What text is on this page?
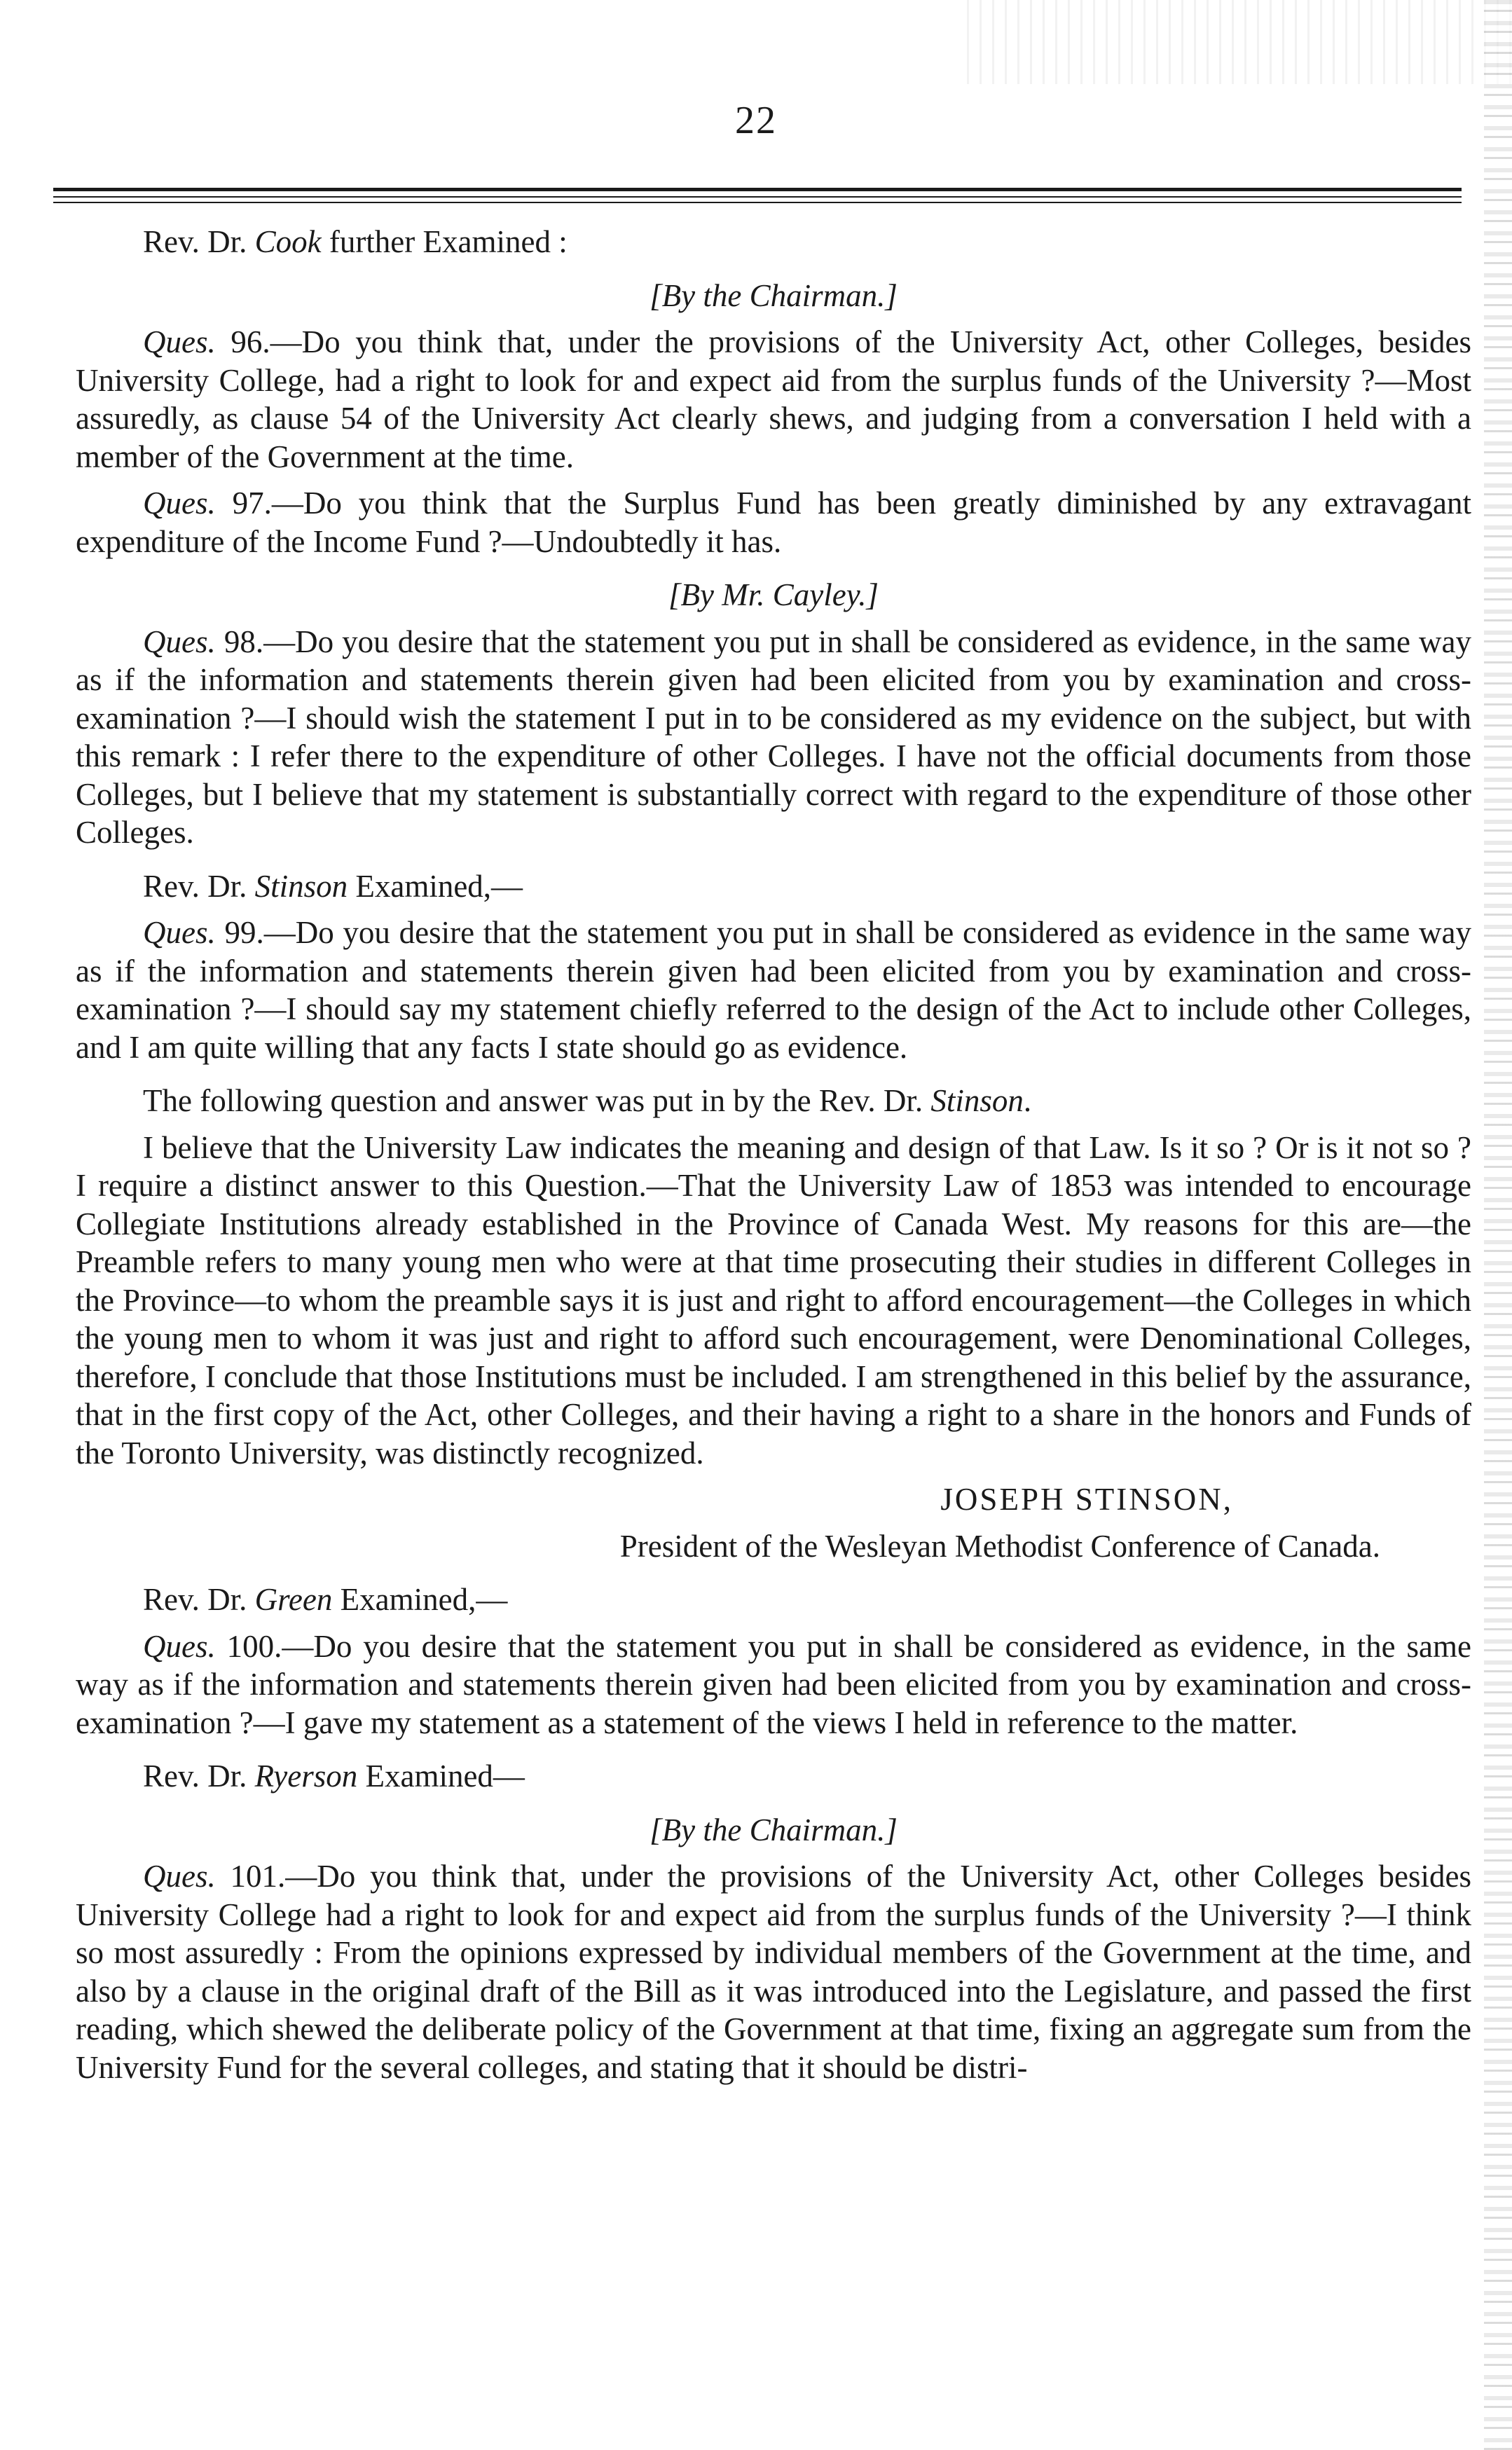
22

Rev. Dr. Cook further Examined :

[By the Chairman.]

Ques. 96.—Do you think that, under the provisions of the University Act, other Colleges, besides University College, had a right to look for and expect aid from the surplus funds of the University ?—Most assuredly, as clause 54 of the University Act clearly shews, and judging from a conversation I held with a member of the Government at the time.

Ques. 97.—Do you think that the Surplus Fund has been greatly diminished by any extravagant expenditure of the Income Fund ?—Undoubtedly it has.

[By Mr. Cayley.]

Ques. 98.—Do you desire that the statement you put in shall be considered as evidence, in the same way as if the information and statements therein given had been elicited from you by examination and cross-examination ?—I should wish the statement I put in to be considered as my evidence on the subject, but with this remark : I refer there to the expenditure of other Colleges. I have not the official documents from those Colleges, but I believe that my statement is substantially correct with regard to the expenditure of those other Colleges.

Rev. Dr. Stinson Examined,—

Ques. 99.—Do you desire that the statement you put in shall be considered as evidence in the same way as if the information and statements therein given had been elicited from you by examination and cross-examination ?—I should say my statement chiefly referred to the design of the Act to include other Colleges, and I am quite willing that any facts I state should go as evidence.

The following question and answer was put in by the Rev. Dr. Stinson.

I believe that the University Law indicates the meaning and design of that Law. Is it so ? Or is it not so ? I require a distinct answer to this Question.—That the University Law of 1853 was intended to encourage Collegiate Institutions already established in the Province of Canada West. My reasons for this are—the Preamble refers to many young men who were at that time prosecuting their studies in different Colleges in the Province—to whom the preamble says it is just and right to afford encouragement—the Colleges in which the young men to whom it was just and right to afford such encouragement, were Denominational Colleges, therefore, I conclude that those Institutions must be included. I am strengthened in this belief by the assurance, that in the first copy of the Act, other Colleges, and their having a right to a share in the honors and Funds of the Toronto University, was distinctly recognized.

JOSEPH STINSON,

President of the Wesleyan Methodist Conference of Canada.

Rev. Dr. Green Examined,—

Ques. 100.—Do you desire that the statement you put in shall be considered as evidence, in the same way as if the information and statements therein given had been elicited from you by examination and cross-examination ?—I gave my statement as a statement of the views I held in reference to the matter.

Rev. Dr. Ryerson Examined—

[By the Chairman.]

Ques. 101.—Do you think that, under the provisions of the University Act, other Colleges besides University College had a right to look for and expect aid from the surplus funds of the University ?—I think so most assuredly : From the opinions expressed by individual members of the Government at the time, and also by a clause in the original draft of the Bill as it was introduced into the Legislature, and passed the first reading, which shewed the deliberate policy of the Government at that time, fixing an aggregate sum from the University Fund for the several colleges, and stating that it should be distri-
